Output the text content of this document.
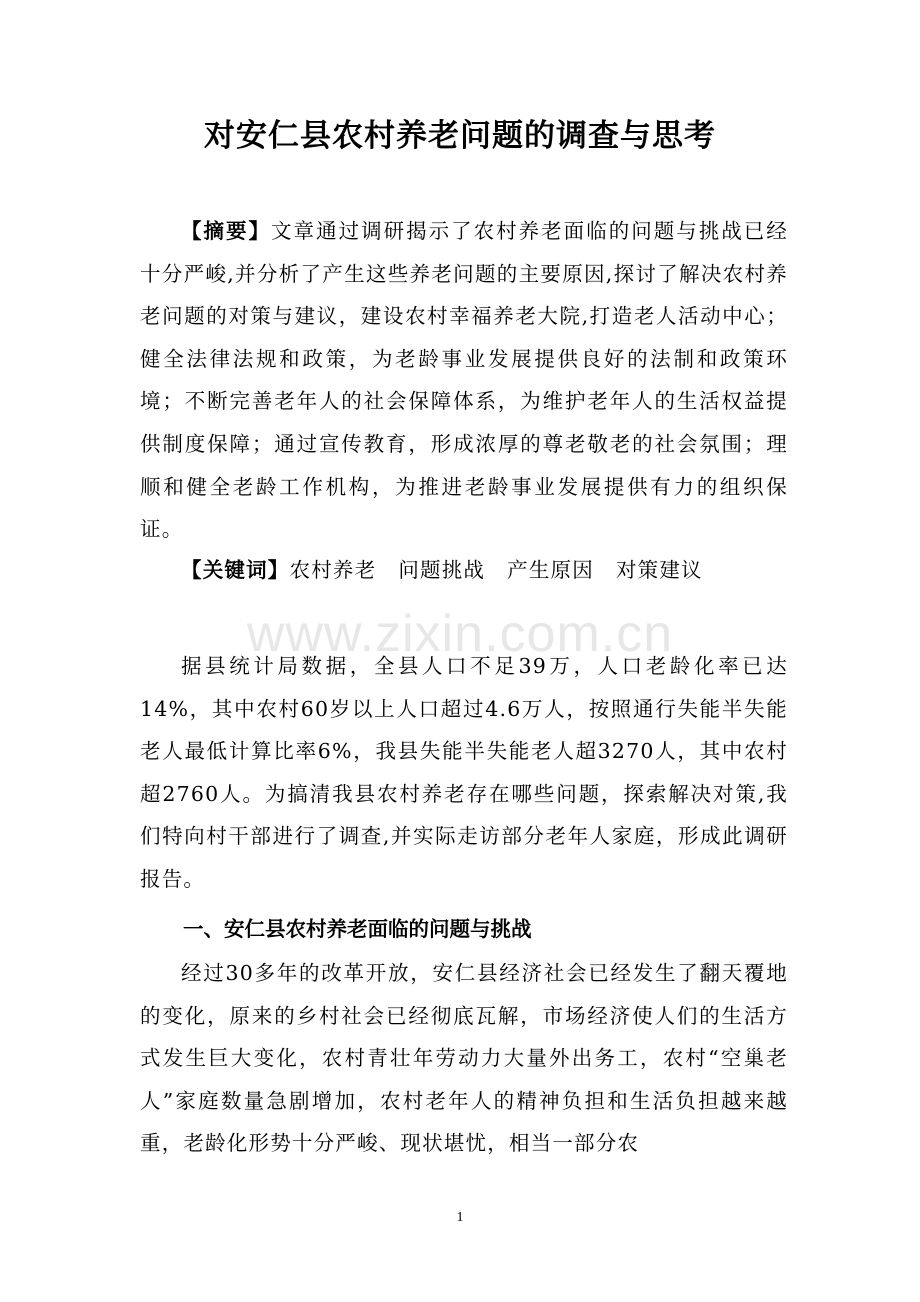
对安仁县农村养老问题的调查与思考

【摘要】文章通过调研揭示了农村养老面临的问题与挑战已经十分严峻,并分析了产生这些养老问题的主要原因,探讨了解决农村养老问题的对策与建议，建设农村幸福养老大院,打造老人活动中心；健全法律法规和政策，为老龄事业发展提供良好的法制和政策环境；不断完善老年人的社会保障体系，为维护老年人的生活权益提供制度保障；通过宣传教育，形成浓厚的尊老敬老的社会氛围；理顺和健全老龄工作机构，为推进老龄事业发展提供有力的组织保证。

【关键词】农村养老 问题挑战 产生原因 对策建议

www.zixin.com.cn

据县统计局数据，全县人口不足39万，人口老龄化率已达14%，其中农村60岁以上人口超过4.6万人，按照通行失能半失能老人最低计算比率6%，我县失能半失能老人超3270人，其中农村超2760人。为搞清我县农村养老存在哪些问题，探索解决对策,我们特向村干部进行了调查,并实际走访部分老年人家庭，形成此调研报告。

一、安仁县农村养老面临的问题与挑战

经过30多年的改革开放，安仁县经济社会已经发生了翻天覆地的变化，原来的乡村社会已经彻底瓦解，市场经济使人们的生活方式发生巨大变化，农村青壮年劳动力大量外出务工，农村“空巢老人”家庭数量急剧增加，农村老年人的精神负担和生活负担越来越重，老龄化形势十分严峻、现状堪忧，相当一部分农

1
